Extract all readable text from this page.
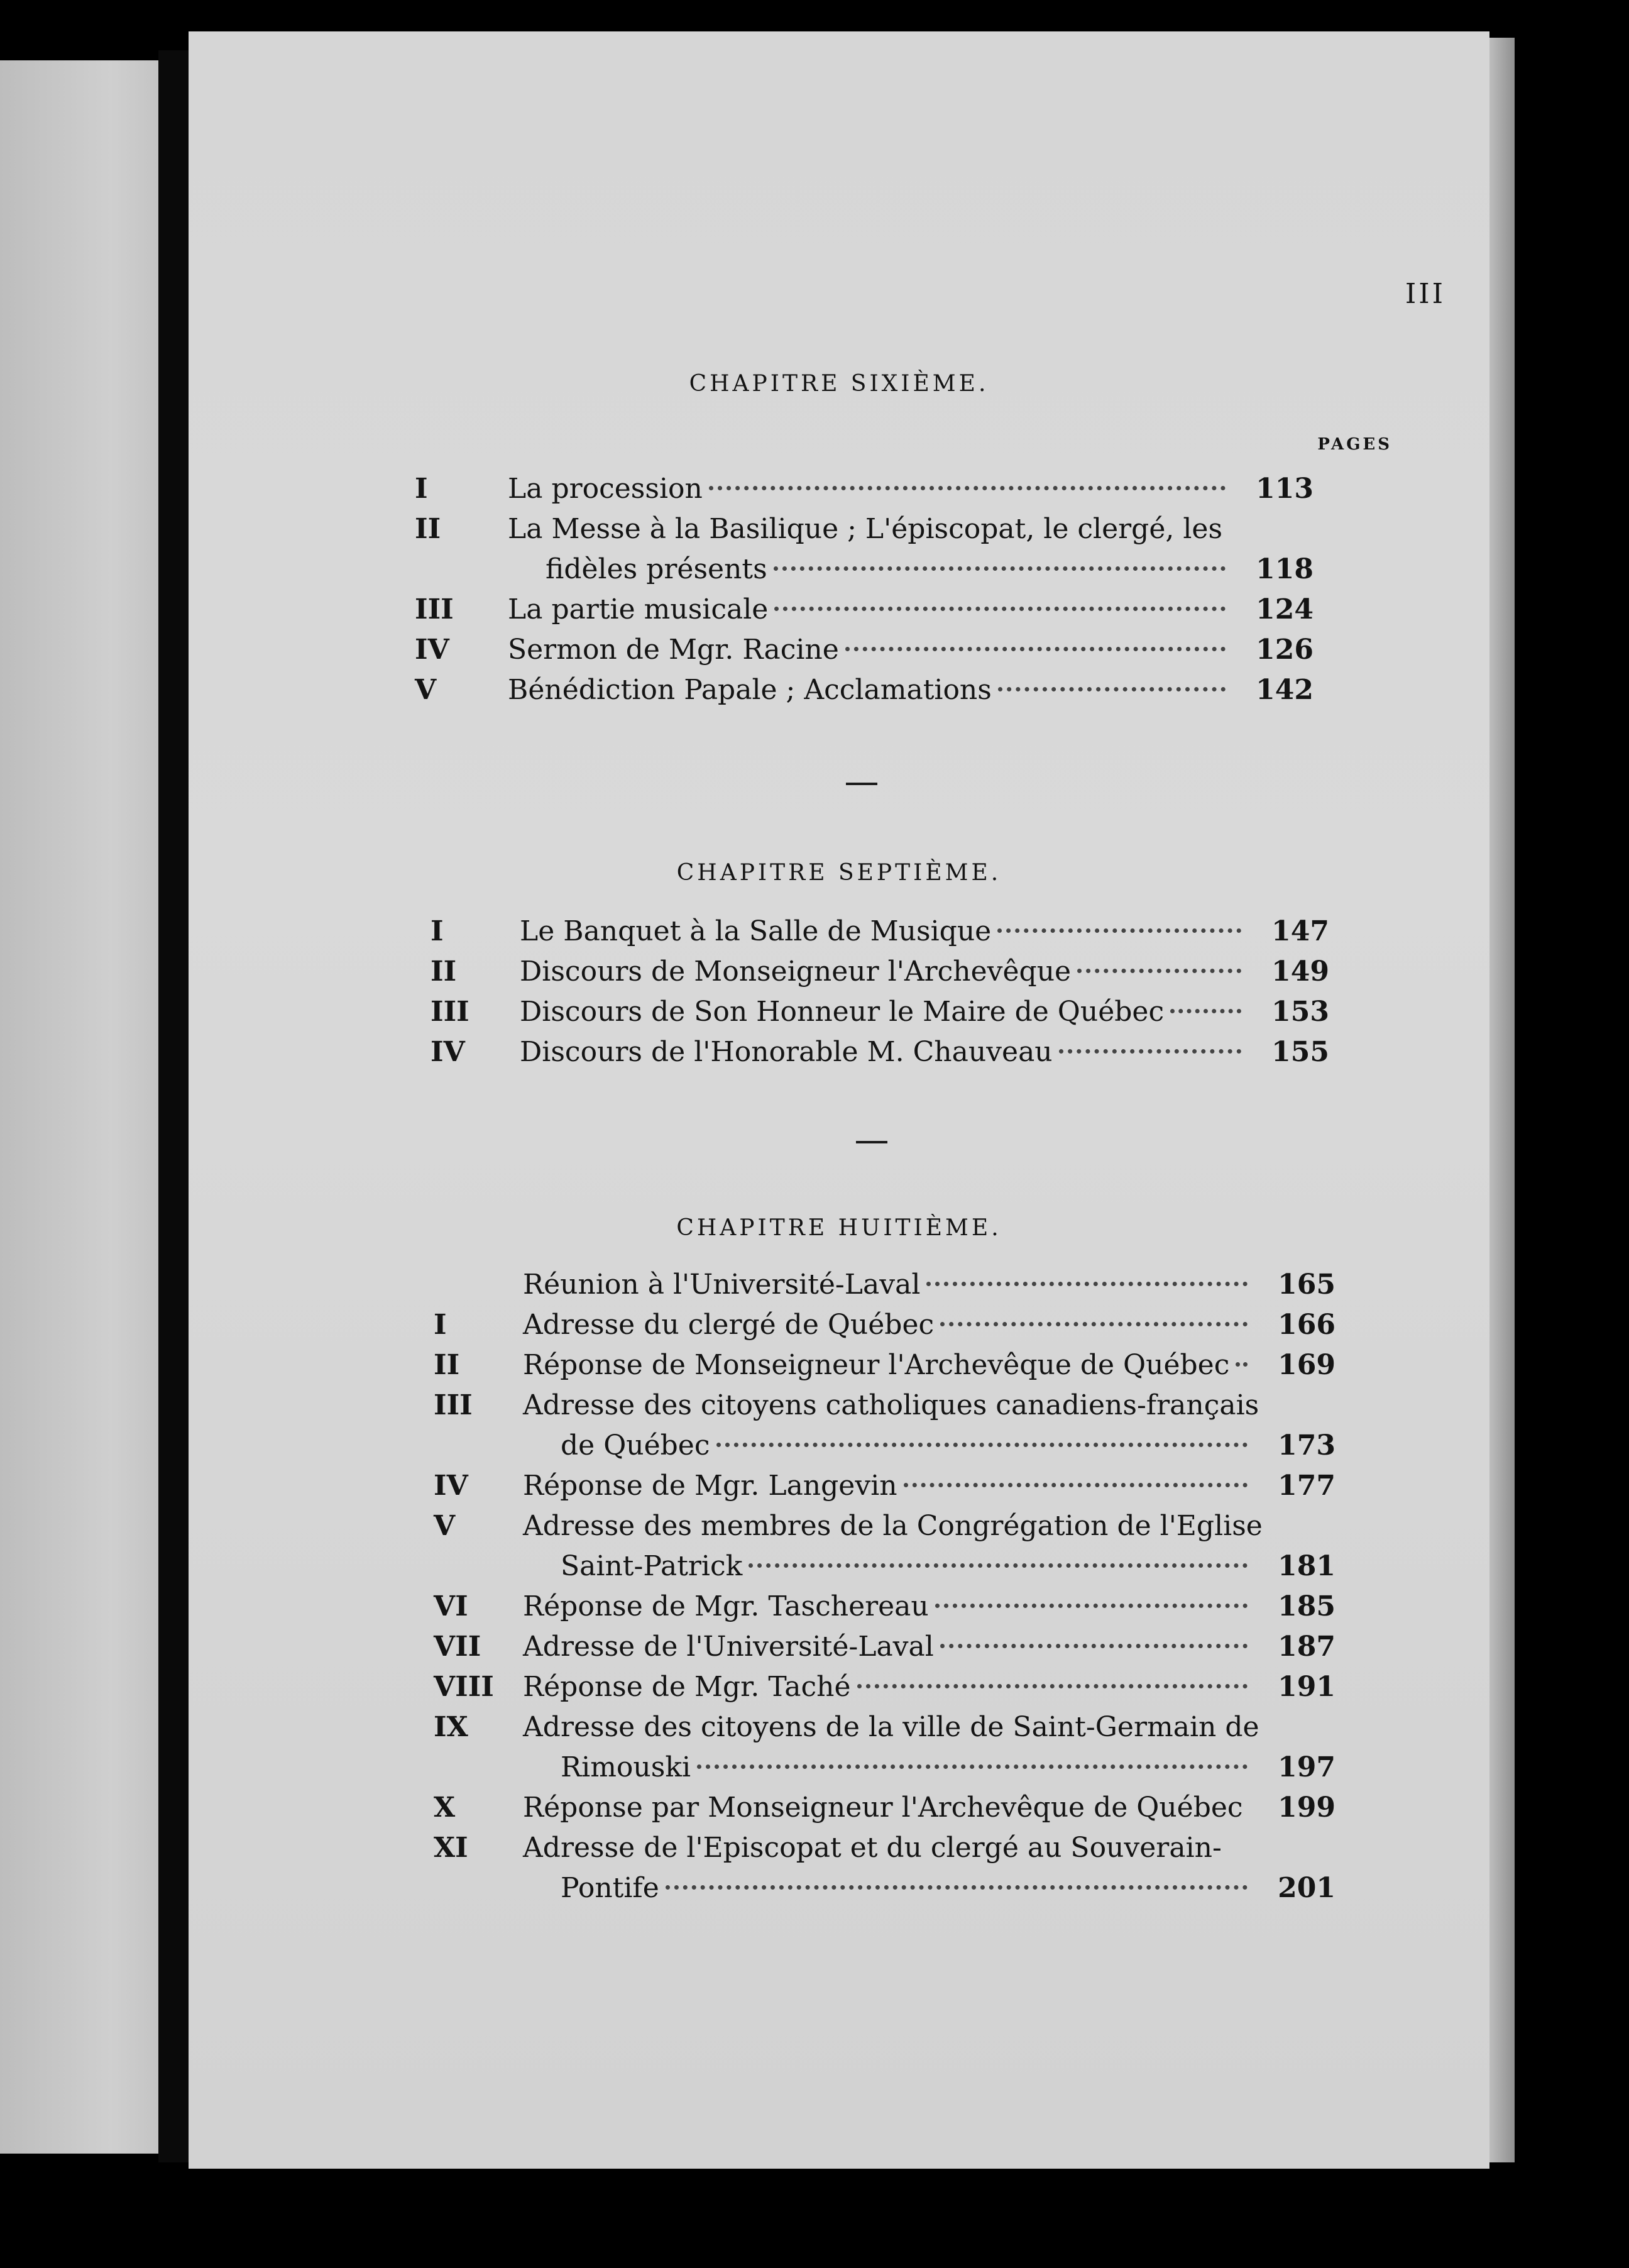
III
CHAPITRE SIXIÈME.
PAGES
I	La procession	113
II	La Messe à la Basilique ; L'épiscopat, le clergé, les
fidèles présents	118
III	La partie musicale	124
IV	Sermon de Mgr. Racine	126
V	Bénédiction Papale ; Acclamations	142
CHAPITRE SEPTIÈME.
I	Le Banquet à la Salle de Musique	147
II	Discours de Monseigneur l'Archevêque	149
III	Discours de Son Honneur le Maire de Québec	153
IV	Discours de l'Honorable M. Chauveau	155
CHAPITRE HUITIÈME.
Réunion à l'Université-Laval	165
I	Adresse du clergé de Québec	166
II	Réponse de Monseigneur l'Archevêque de Québec	169
III	Adresse des citoyens catholiques canadiens-français
de Québec	173
IV	Réponse de Mgr. Langevin	177
V	Adresse des membres de la Congrégation de l'Eglise
Saint-Patrick	181
VI	Réponse de Mgr. Taschereau	185
VII	Adresse de l'Université-Laval	187
VIII	Réponse de Mgr. Taché	191
IX	Adresse des citoyens de la ville de Saint-Germain de
Rimouski	197
X	Réponse par Monseigneur l'Archevêque de Québec	199
XI	Adresse de l'Episcopat et du clergé au Souverain-
Pontife	201
